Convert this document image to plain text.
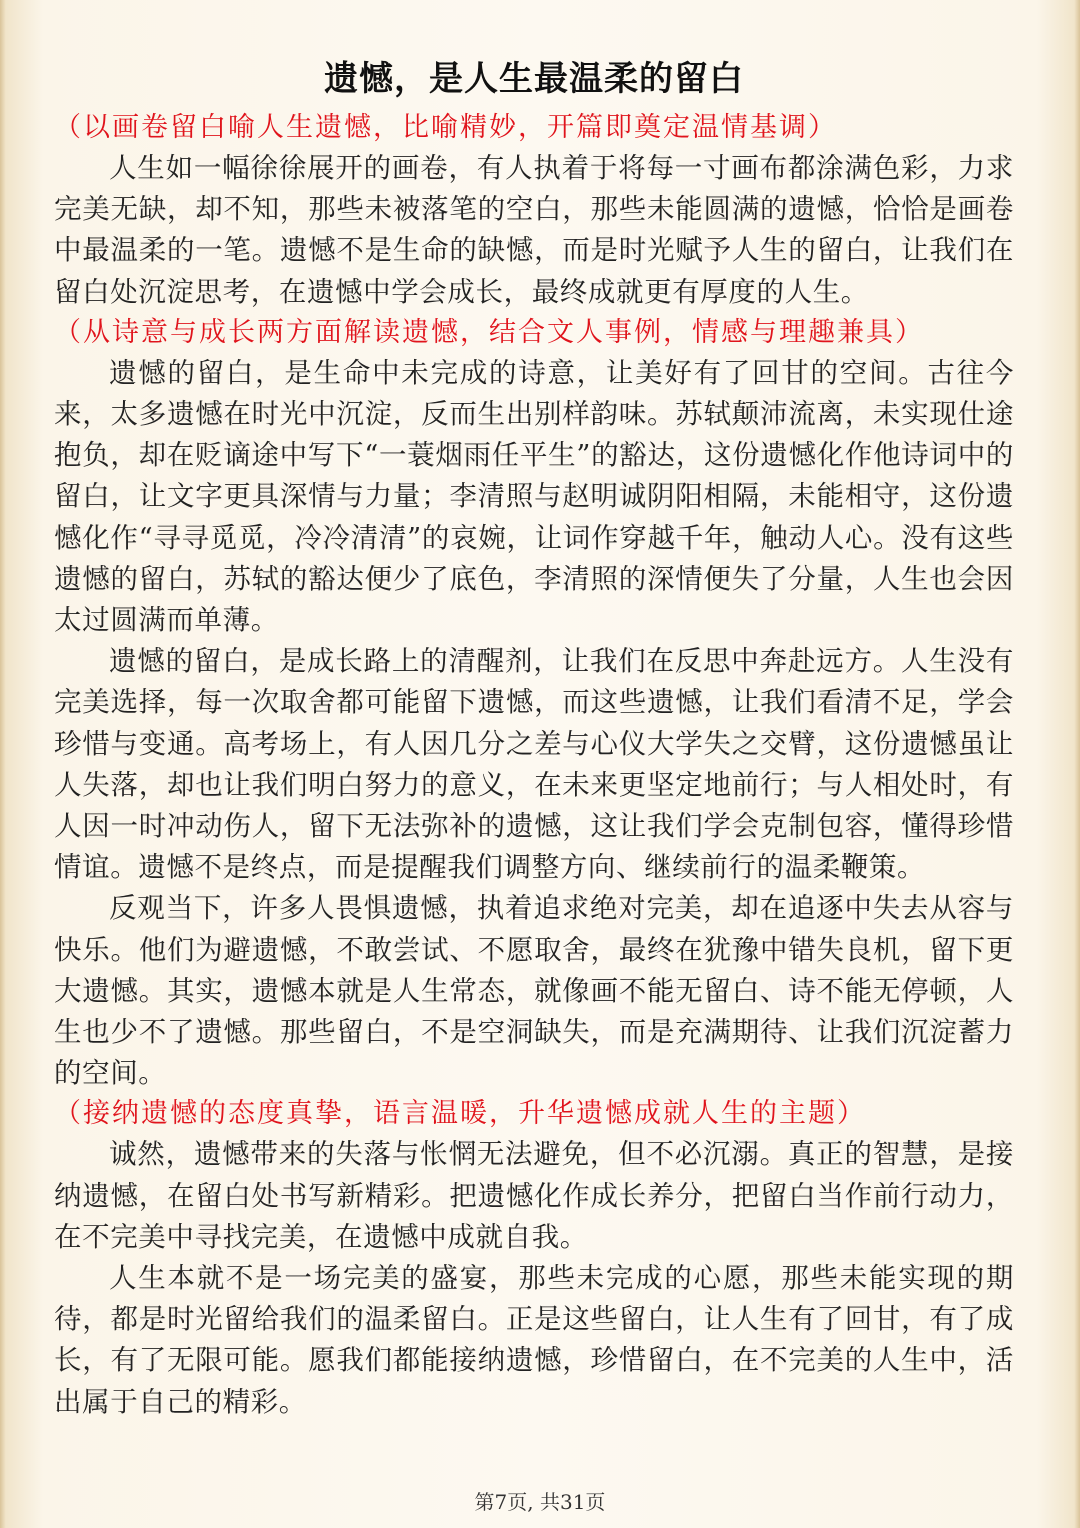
遗憾，是人生最温柔的留白

（以画卷留白喻人生遗憾，比喻精妙，开篇即奠定温情基调）

人生如一幅徐徐展开的画卷，有人执着于将每一寸画布都涂满色彩，力求完美无缺，却不知，那些未被落笔的空白，那些未能圆满的遗憾，恰恰是画卷中最温柔的一笔。遗憾不是生命的缺憾，而是时光赋予人生的留白，让我们在留白处沉淀思考，在遗憾中学会成长，最终成就更有厚度的人生。

（从诗意与成长两方面解读遗憾，结合文人事例，情感与理趣兼具）

遗憾的留白，是生命中未完成的诗意，让美好有了回甘的空间。古往今来，太多遗憾在时光中沉淀，反而生出别样韵味。苏轼颠沛流离，未实现仕途抱负，却在贬谪途中写下“一蓑烟雨任平生”的豁达，这份遗憾化作他诗词中的留白，让文字更具深情与力量；李清照与赵明诚阴阳相隔，未能相守，这份遗憾化作“寻寻觅觅，冷冷清清”的哀婉，让词作穿越千年，触动人心。没有这些遗憾的留白，苏轼的豁达便少了底色，李清照的深情便失了分量，人生也会因太过圆满而单薄。

遗憾的留白，是成长路上的清醒剂，让我们在反思中奔赴远方。人生没有完美选择，每一次取舍都可能留下遗憾，而这些遗憾，让我们看清不足，学会珍惜与变通。高考场上，有人因几分之差与心仪大学失之交臂，这份遗憾虽让人失落，却也让我们明白努力的意义，在未来更坚定地前行；与人相处时，有人因一时冲动伤人，留下无法弥补的遗憾，这让我们学会克制包容，懂得珍惜情谊。遗憾不是终点，而是提醒我们调整方向、继续前行的温柔鞭策。

反观当下，许多人畏惧遗憾，执着追求绝对完美，却在追逐中失去从容与快乐。他们为避遗憾，不敢尝试、不愿取舍，最终在犹豫中错失良机，留下更大遗憾。其实，遗憾本就是人生常态，就像画不能无留白、诗不能无停顿，人生也少不了遗憾。那些留白，不是空洞缺失，而是充满期待、让我们沉淀蓄力的空间。

（接纳遗憾的态度真挚，语言温暖，升华遗憾成就人生的主题）

诚然，遗憾带来的失落与怅惘无法避免，但不必沉溺。真正的智慧，是接纳遗憾，在留白处书写新精彩。把遗憾化作成长养分，把留白当作前行动力，在不完美中寻找完美，在遗憾中成就自我。

人生本就不是一场完美的盛宴，那些未完成的心愿，那些未能实现的期待，都是时光留给我们的温柔留白。正是这些留白，让人生有了回甘，有了成长，有了无限可能。愿我们都能接纳遗憾，珍惜留白，在不完美的人生中，活出属于自己的精彩。

第7页, 共31页
